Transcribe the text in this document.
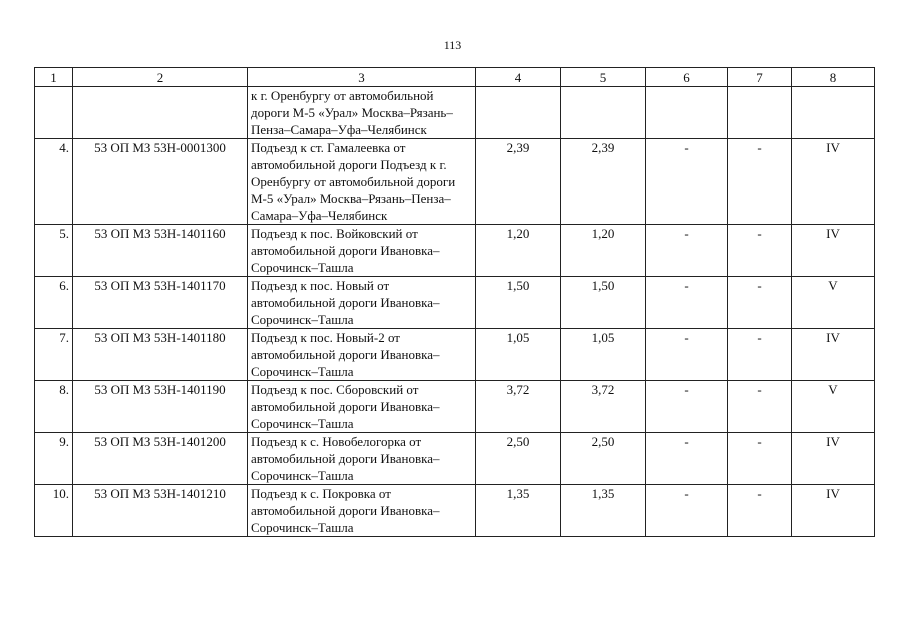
113
1	2	3	4	5	6	7	8
		к г. Оренбургу от автомобильной дороги М-5 «Урал» Москва–Рязань–Пенза–Самара–Уфа–Челябинск					
4.	53 ОП МЗ 53Н-0001300	Подъезд к ст. Гамалеевка от автомобильной дороги Подъезд к г. Оренбургу от автомобильной дороги М-5 «Урал» Москва–Рязань–Пенза–Самара–Уфа–Челябинск	2,39	2,39	-	-	IV
5.	53 ОП МЗ 53Н-1401160	Подъезд к пос. Войковский от автомобильной дороги Ивановка–Сорочинск–Ташла	1,20	1,20	-	-	IV
6.	53 ОП МЗ 53Н-1401170	Подъезд к пос. Новый от автомобильной дороги Ивановка–Сорочинск–Ташла	1,50	1,50	-	-	V
7.	53 ОП МЗ 53Н-1401180	Подъезд к пос. Новый-2 от автомобильной дороги Ивановка–Сорочинск–Ташла	1,05	1,05	-	-	IV
8.	53 ОП МЗ 53Н-1401190	Подъезд к пос. Сборовский от автомобильной дороги Ивановка–Сорочинск–Ташла	3,72	3,72	-	-	V
9.	53 ОП МЗ 53Н-1401200	Подъезд к с. Новобелогорка от автомобильной дороги Ивановка–Сорочинск–Ташла	2,50	2,50	-	-	IV
10.	53 ОП МЗ 53Н-1401210	Подъезд к с. Покровка от автомобильной дороги Ивановка–Сорочинск–Ташла	1,35	1,35	-	-	IV
